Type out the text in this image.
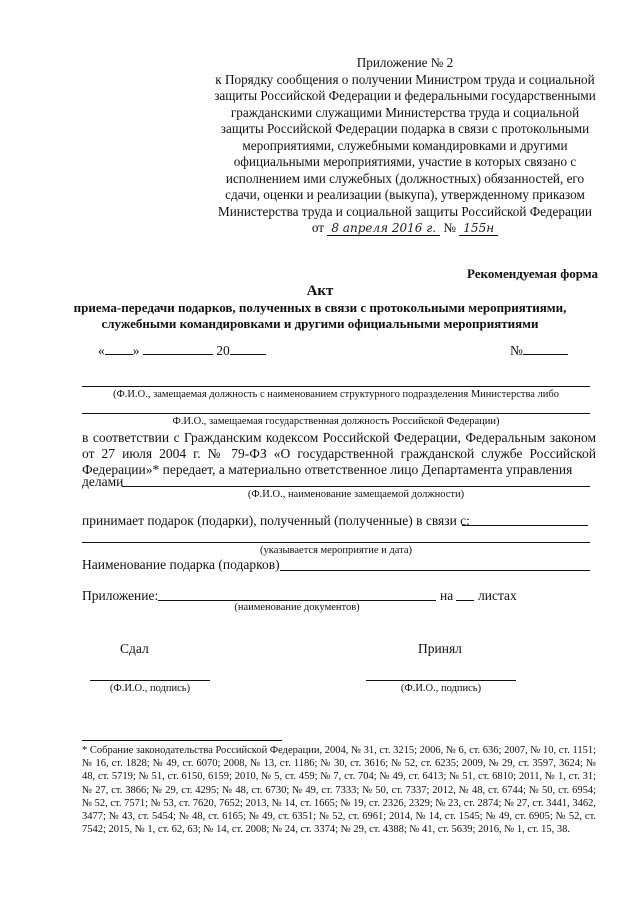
Приложение № 2
к Порядку сообщения о получении Министром труда и социальной
защиты Российской Федерации и федеральными государственными
гражданскими служащими Министерства труда и социальной
защиты Российской Федерации подарка в связи с протокольными
мероприятиями, служебными командировками и другими
официальными мероприятиями, участие в которых связано с
исполнением ими служебных (должностных) обязанностей, его
сдачи, оценки и реализации (выкупа), утвержденному приказом
Министерства труда и социальной защиты Российской Федерации
от 8 апреля 2016 г. № 155н
Рекомендуемая форма
Акт
приема-передачи подарков, полученных в связи с протокольными мероприятиями,
служебными командировками и другими официальными мероприятиями
« »	20	№
(Ф.И.О., замещаемая должность с наименованием структурного подразделения Министерства либо
Ф.И.О., замещаемая государственная должность Российской Федерации)
в соответствии с Гражданским кодексом Российской Федерации, Федеральным законом от 27 июля 2004 г. № 79-ФЗ «О государственной гражданской службе Российской Федерации»* передает, а материально ответственное лицо Департамента управления
делами
(Ф.И.О., наименование замещаемой должности)
принимает подарок (подарки), полученный (полученные) в связи с:
(указывается мероприятие и дата)
Наименование подарка (подарков)
Приложение:	на листах
(наименование документов)
Сдал	Принял
(Ф.И.О., подпись)	(Ф.И.О., подпись)
* Собрание законодательства Российской Федерации, 2004, № 31, ст. 3215; 2006, № 6, ст. 636; 2007, № 10, ст. 1151; № 16, ст. 1828; № 49, ст. 6070; 2008, № 13, ст. 1186; № 30, ст. 3616; № 52, ст. 6235; 2009, № 29, ст. 3597, 3624; № 48, ст. 5719; № 51, ст. 6150, 6159; 2010, № 5, ст. 459; № 7, ст. 704; № 49, ст. 6413; № 51, ст. 6810; 2011, № 1, ст. 31; № 27, ст. 3866; № 29, ст. 4295; № 48, ст. 6730; № 49, ст. 7333; № 50, ст. 7337; 2012, № 48, ст. 6744; № 50, ст. 6954; № 52, ст. 7571; № 53, ст. 7620, 7652; 2013, № 14, ст. 1665; № 19, ст. 2326, 2329; № 23, ст. 2874; № 27, ст. 3441, 3462, 3477; № 43, ст. 5454; № 48, ст. 6165; № 49, ст. 6351; № 52, ст. 6961; 2014, № 14, ст. 1545; № 49, ст. 6905; № 52, ст. 7542; 2015, № 1, ст. 62, 63; № 14, ст. 2008; № 24, ст. 3374; № 29, ст. 4388; № 41, ст. 5639; 2016, № 1, ст. 15, 38.
